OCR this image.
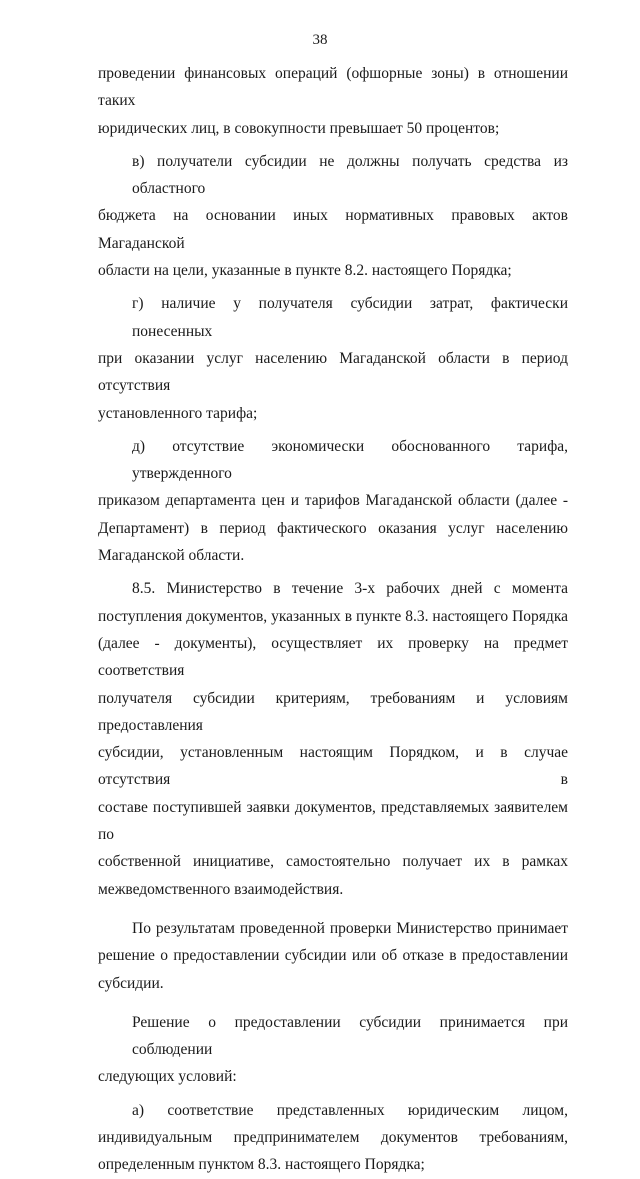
38

проведении финансовых операций (офшорные зоны) в отношении таких
юридических лиц, в совокупности превышает 50 процентов;

в) получатели субсидии не должны получать средства из областного
бюджета на основании иных нормативных правовых актов Магаданской
области на цели, указанные в пункте 8.2. настоящего Порядка;

г) наличие у получателя субсидии затрат, фактически понесенных
при оказании услуг населению Магаданской области в период отсутствия
установленного тарифа;

д) отсутствие экономически обоснованного тарифа, утвержденного
приказом департамента цен и тарифов Магаданской области (далее -
Департамент) в период фактического оказания услуг населению
Магаданской области.

8.5. Министерство в течение 3-х рабочих дней с момента
поступления документов, указанных в пункте 8.3. настоящего Порядка
(далее - документы), осуществляет их проверку на предмет соответствия
получателя субсидии критериям, требованиям и условиям предоставления
субсидии, установленным настоящим Порядком, и в случае отсутствия в
составе поступившей заявки документов, представляемых заявителем по
собственной инициативе, самостоятельно получает их в рамках
межведомственного взаимодействия.

По результатам проведенной проверки Министерство принимает
решение о предоставлении субсидии или об отказе в предоставлении
субсидии.

Решение о предоставлении субсидии принимается при соблюдении
следующих условий:

а) соответствие представленных юридическим лицом,
индивидуальным предпринимателем документов требованиям,
определенным пунктом 8.3. настоящего Порядка;
